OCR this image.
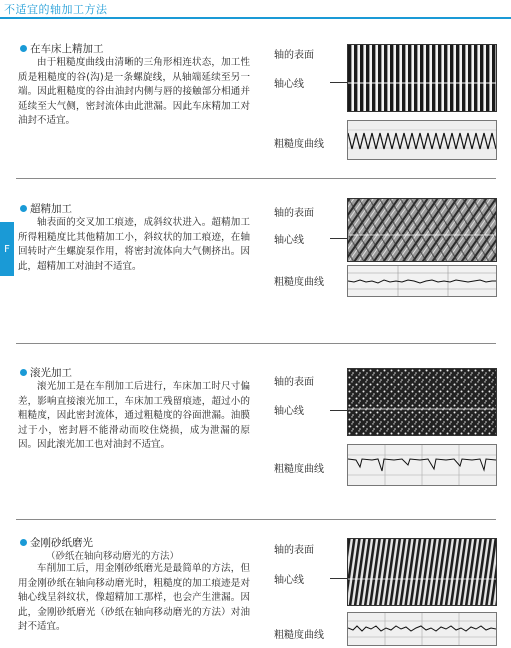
不适宜的轴加工方法
F
在车床上精加工
由于粗糙度曲线由清晰的三角形相连状态，加工性质是粗糙度的谷(沟)是一条螺旋线，从轴端延续至另一端。因此粗糙度的谷由油封内侧与唇的接触部分相通并延续至大气侧，密封流体由此泄漏。因此车床精加工对油封不适宜。
轴的表面
轴心线
粗糙度曲线
超精加工
轴表面的交叉加工痕迹，成斜纹状进入。超精加工所得粗糙度比其他精加工小，斜纹状的加工痕迹，在轴回转时产生螺旋泵作用，将密封流体向大气侧挤出。因此，超精加工对油封不适宜。
轴的表面
轴心线
粗糙度曲线
滚光加工
滚光加工是在车削加工后进行，车床加工时尺寸偏差，影响直接滚光加工，车床加工残留痕迹，超过小的粗糙度，因此密封流体，通过粗糙度的谷面泄漏。油膜过于小，密封唇不能滑动而咬住烧损，成为泄漏的原因。因此滚光加工也对油封不适宜。
轴的表面
轴心线
粗糙度曲线
金刚砂纸磨光
（砂纸在轴向移动磨光的方法）
车削加工后，用金刚砂纸磨光是最简单的方法，但用金刚砂纸在轴向移动磨光时，粗糙度的加工痕迹是对轴心线呈斜纹状，像超精加工那样，也会产生泄漏。因此，金刚砂纸磨光（砂纸在轴向移动磨光的方法）对油封不适宜。
轴的表面
轴心线
粗糙度曲线
